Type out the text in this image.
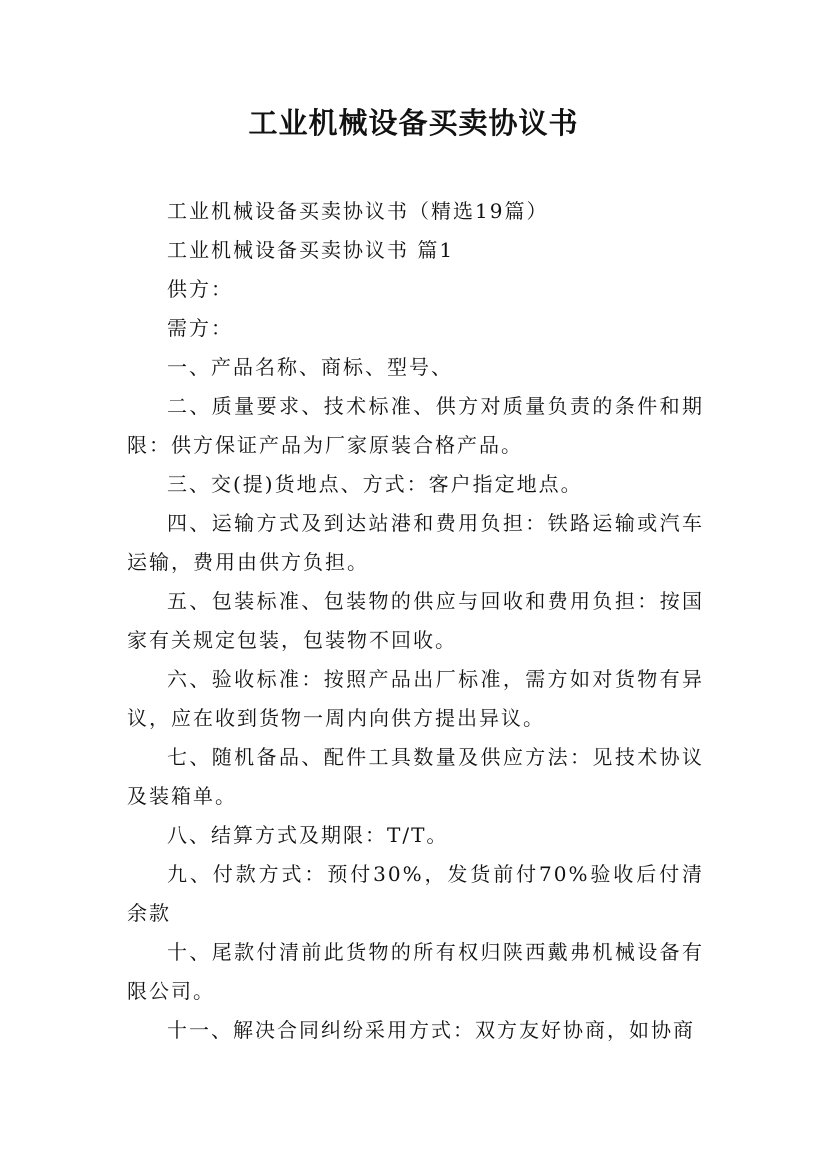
工业机械设备买卖协议书

工业机械设备买卖协议书（精选19篇）

工业机械设备买卖协议书 篇1

供方：

需方：

一、产品名称、商标、型号、

二、质量要求、技术标准、供方对质量负责的条件和期限：供方保证产品为厂家原装合格产品。

三、交(提)货地点、方式：客户指定地点。

四、运输方式及到达站港和费用负担：铁路运输或汽车运输，费用由供方负担。

五、包装标准、包装物的供应与回收和费用负担：按国家有关规定包装，包装物不回收。

六、验收标准：按照产品出厂标准，需方如对货物有异议，应在收到货物一周内向供方提出异议。

七、随机备品、配件工具数量及供应方法：见技术协议及装箱单。

八、结算方式及期限：T/T。

九、付款方式：预付30%，发货前付70%验收后付清余款

十、尾款付清前此货物的所有权归陕西戴弗机械设备有限公司。

十一、解决合同纠纷采用方式：双方友好协商，如协商
